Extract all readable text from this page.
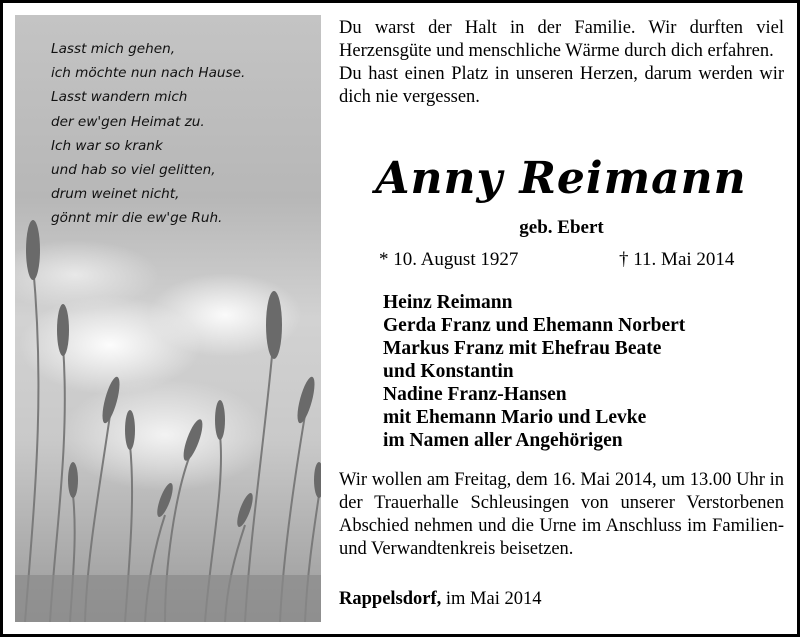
Lasst mich gehen,
ich möchte nun nach Hause.
Lasst wandern mich
der ew'gen Heimat zu.
Ich war so krank
und hab so viel gelitten,
drum weinet nicht,
gönnt mir die ew'ge Ruh.
Du warst der Halt in der Familie. Wir durften viel Herzensgüte und menschliche Wärme durch dich erfahren.
Du hast einen Platz in unseren Herzen, darum werden wir dich nie vergessen.
Anny Reimann
geb. Ebert
* 10. August 1927	† 11. Mai 2014
Heinz Reimann
Gerda Franz und Ehemann Norbert
Markus Franz mit Ehefrau Beate
und Konstantin
Nadine Franz-Hansen
mit Ehemann Mario und Levke
im Namen aller Angehörigen
Wir wollen am Freitag, dem 16. Mai 2014, um 13.00 Uhr in der Trauerhalle Schleusingen von unserer Verstorbenen Abschied nehmen und die Urne im Anschluss im Familien- und Verwandtenkreis beisetzen.
Rappelsdorf, im Mai 2014
